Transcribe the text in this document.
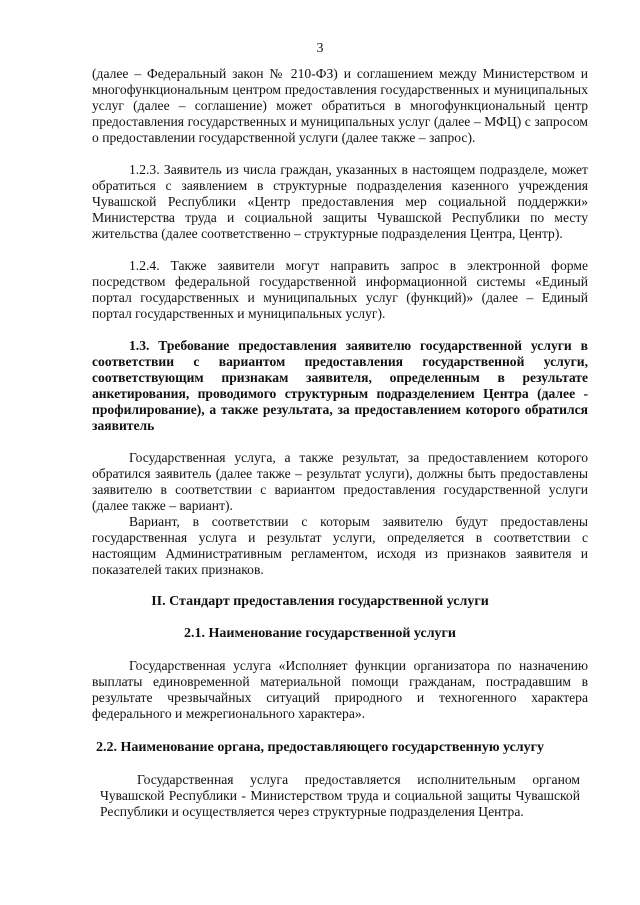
3

(далее – Федеральный закон № 210-ФЗ) и соглашением между Министерством и многофункциональным центром предоставления государственных и муниципальных услуг (далее – соглашение) может обратиться в многофункциональный центр предоставления государственных и муниципальных услуг (далее – МФЦ) с запросом о предоставлении государственной услуги (далее также – запрос).

1.2.3. Заявитель из числа граждан, указанных в настоящем подразделе, может обратиться с заявлением в структурные подразделения казенного учреждения Чувашской Республики «Центр предоставления мер социальной поддержки» Министерства труда и социальной защиты Чувашской Республики по месту жительства (далее соответственно – структурные подразделения Центра, Центр).

1.2.4. Также заявители могут направить запрос в электронной форме посредством федеральной государственной информационной системы «Единый портал государственных и муниципальных услуг (функций)» (далее – Единый портал государственных и муниципальных услуг).

1.3. Требование предоставления заявителю государственной услуги в соответствии с вариантом предоставления государственной услуги, соответствующим признакам заявителя, определенным в результате анкетирования, проводимого структурным подразделением Центра (далее - профилирование), а также результата, за предоставлением которого обратился заявитель

Государственная услуга, а также результат, за предоставлением которого обратился заявитель (далее также – результат услуги), должны быть предоставлены заявителю в соответствии с вариантом предоставления государственной услуги (далее также – вариант).

Вариант, в соответствии с которым заявителю будут предоставлены государственная услуга и результат услуги, определяется в соответствии с настоящим Административным регламентом, исходя из признаков заявителя и показателей таких признаков.

II. Стандарт предоставления государственной услуги
2.1. Наименование государственной услуги

Государственная услуга «Исполняет функции организатора по назначению выплаты единовременной материальной помощи гражданам, пострадавшим в результате чрезвычайных ситуаций природного и техногенного характера федерального и межрегионального характера».

2.2. Наименование органа, предоставляющего государственную услугу

Государственная услуга предоставляется исполнительным органом Чувашской Республики - Министерством труда и социальной защиты Чувашской Республики и осуществляется через структурные подразделения Центра.
